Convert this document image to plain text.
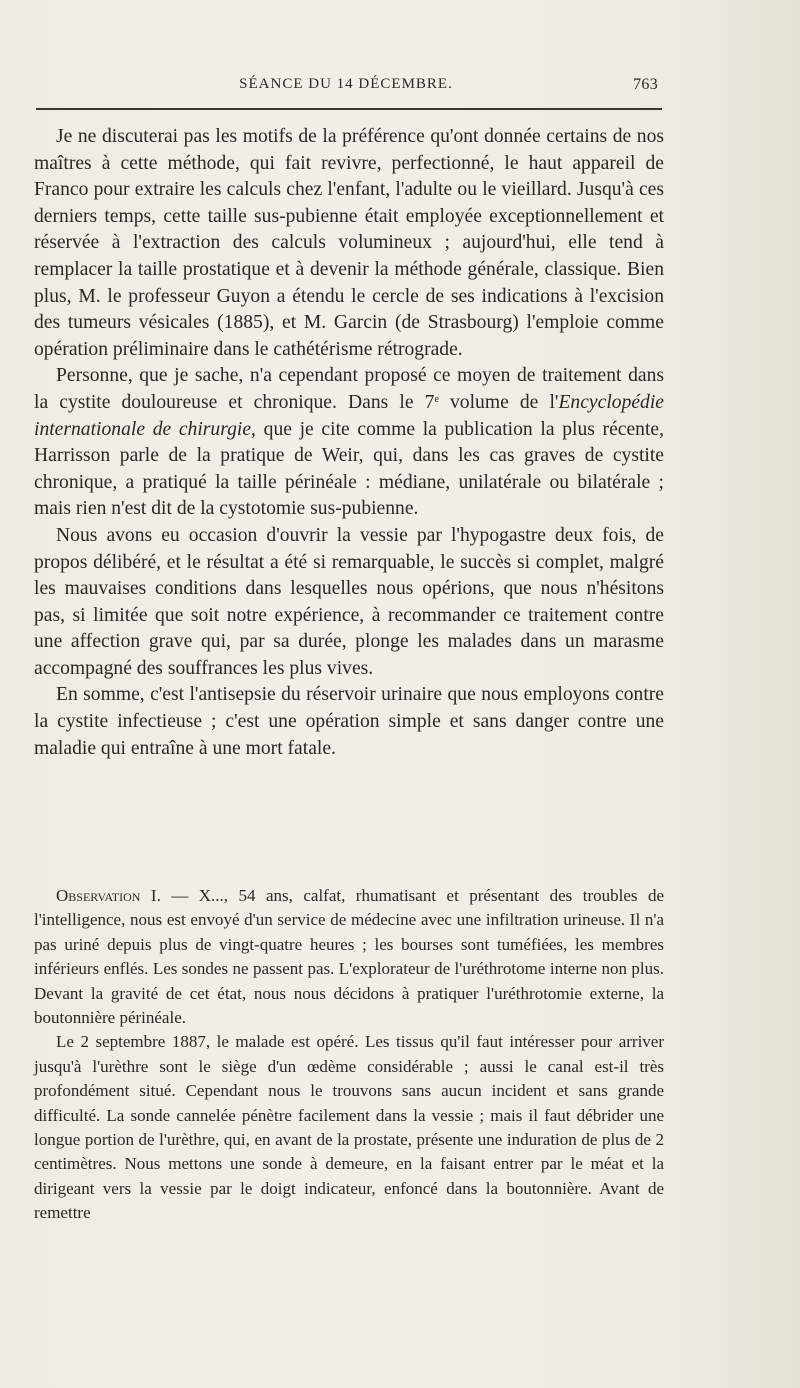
SÉANCE DU 14 DÉCEMBRE.	763

Je ne discuterai pas les motifs de la préférence qu'ont donnée certains de nos maîtres à cette méthode, qui fait revivre, perfectionné, le haut appareil de Franco pour extraire les calculs chez l'enfant, l'adulte ou le vieillard. Jusqu'à ces derniers temps, cette taille sus-pubienne était employée exceptionnellement et réservée à l'extraction des calculs volumineux ; aujourd'hui, elle tend à remplacer la taille prostatique et à devenir la méthode générale, classique. Bien plus, M. le professeur Guyon a étendu le cercle de ses indications à l'excision des tumeurs vésicales (1885), et M. Garcin (de Strasbourg) l'emploie comme opération préliminaire dans le cathétérisme rétrograde.

Personne, que je sache, n'a cependant proposé ce moyen de traitement dans la cystite douloureuse et chronique. Dans le 7e volume de l'Encyclopédie internationale de chirurgie, que je cite comme la publication la plus récente, Harrisson parle de la pratique de Weir, qui, dans les cas graves de cystite chronique, a pratiqué la taille périnéale : médiane, unilatérale ou bilatérale ; mais rien n'est dit de la cystotomie sus-pubienne.

Nous avons eu occasion d'ouvrir la vessie par l'hypogastre deux fois, de propos délibéré, et le résultat a été si remarquable, le succès si complet, malgré les mauvaises conditions dans lesquelles nous opérions, que nous n'hésitons pas, si limitée que soit notre expérience, à recommander ce traitement contre une affection grave qui, par sa durée, plonge les malades dans un marasme accompagné des souffrances les plus vives.

En somme, c'est l'antisepsie du réservoir urinaire que nous employons contre la cystite infectieuse ; c'est une opération simple et sans danger contre une maladie qui entraîne à une mort fatale.

Observation I. — X..., 54 ans, calfat, rhumatisant et présentant des troubles de l'intelligence, nous est envoyé d'un service de médecine avec une infiltration urineuse. Il n'a pas uriné depuis plus de vingt-quatre heures ; les bourses sont tuméfiées, les membres inférieurs enflés. Les sondes ne passent pas. L'explorateur de l'uréthrotome interne non plus. Devant la gravité de cet état, nous nous décidons à pratiquer l'uréthrotomie externe, la boutonnière périnéale.

Le 2 septembre 1887, le malade est opéré. Les tissus qu'il faut intéresser pour arriver jusqu'à l'urèthre sont le siège d'un œdème considérable ; aussi le canal est-il très profondément situé. Cependant nous le trouvons sans aucun incident et sans grande difficulté. La sonde cannelée pénètre facilement dans la vessie ; mais il faut débrider une longue portion de l'urèthre, qui, en avant de la prostate, présente une induration de plus de 2 centimètres. Nous mettons une sonde à demeure, en la faisant entrer par le méat et la dirigeant vers la vessie par le doigt indicateur, enfoncé dans la boutonnière. Avant de remettre
